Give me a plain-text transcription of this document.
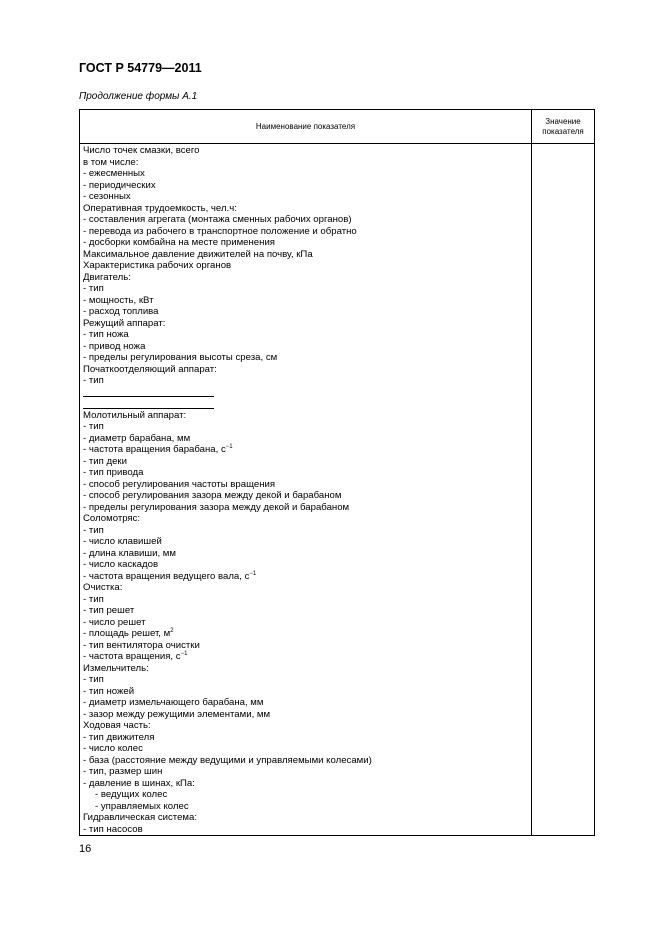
ГОСТ Р 54779—2011
Продолжение формы А.1
Наименование показателя
Значение
показателя
Число точек смазки, всего
в том числе:
- ежесменных
- периодических
- сезонных
Оперативная трудоемкость, чел.ч:
- составления агрегата (монтажа сменных рабочих органов)
- перевода из рабочего в транспортное положение и обратно
- досборки комбайна на месте применения
Максимальное давление движителей на почву, кПа
Характеристика рабочих органов
Двигатель:
- тип
- мощность, кВт
- расход топлива
Режущий аппарат:
- тип ножа
- привод ножа
- пределы регулирования высоты среза, см
Початкоотделяющий аппарат:
- тип
Молотильный аппарат:
- тип
- диаметр барабана, мм
- частота вращения барабана, $с^{-1}$
- тип деки
- тип привода
- способ регулирования частоты вращения
- способ регулирования зазора между декой и барабаном
- пределы регулирования зазора между декой и барабаном
Соломотряс:
- тип
- число клавишей
- длина клавиши, мм
- число каскадов
- частота вращения ведущего вала, $с^{-1}$
Очистка:
- тип
- тип решет
- число решет
- площадь решет, $м^2$
- тип вентилятора очистки
- частота вращения, $с^{-1}$
Измельчитель:
- тип
- тип ножей
- диаметр измельчающего барабана, мм
- зазор между режущими элементами, мм
Ходовая часть:
- тип движителя
- число колес
- база (расстояние между ведущими и управляемыми колесами)
- тип, размер шин
- давление в шинах, кПа:
- ведущих колес
- управляемых колес
Гидравлическая система:
- тип насосов
16
